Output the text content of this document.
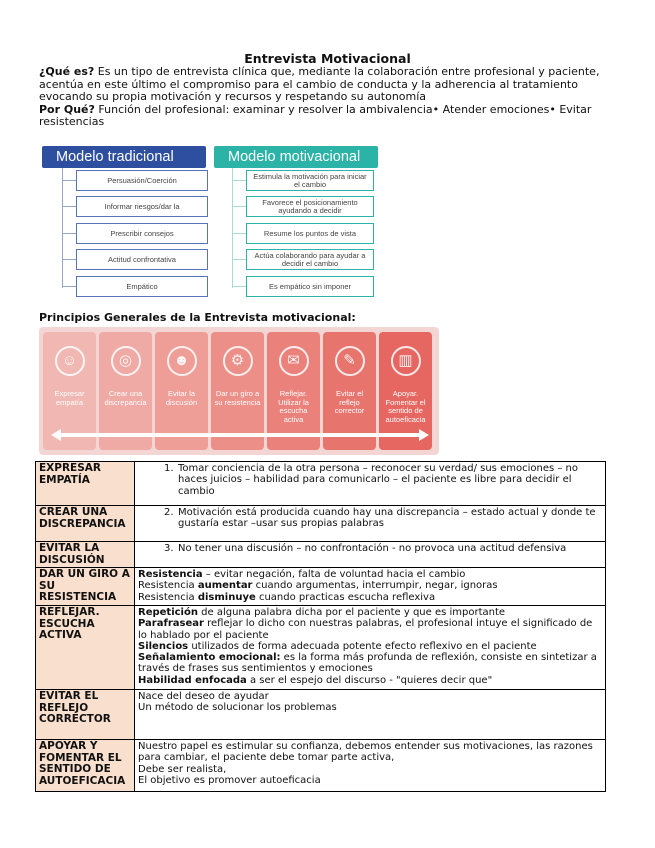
Entrevista Motivacional
¿Qué es? Es un tipo de entrevista clínica que, mediante la colaboración entre profesional y paciente, acentúa en este último el compromiso para el cambio de conducta y la adherencia al tratamiento evocando su propia motivación y recursos y respetando su autonomía
Por Qué? Función del profesional: examinar y resolver la ambivalencia• Atender emociones• Evitar resistencias
Modelo tradicional	Modelo motivacional
Persuasión/Coerción
Informar riesgos/dar la
Prescribir consejos
Actitud confrontativa
Empático
Estimula la motivación para iniciar el cambio
Favorece el posicionamiento ayudando a decidir
Resume los puntos de vista
Actúa colaborando para ayudar a decidir el cambio
Es empático sin imponer
Principios Generales de la Entrevista motivacional:
☺
Expresar empatía
◎
Crear una discrepancia
☻
Evitar la discusión
⚙
Dar un giro a su resistencia
✉
Reflejar. Utilizar la escucha activa
✎
Evitar el reflejo corrector
▥
Apoyar. Fomentar el sentido de autoeficacia
EXPRESAR EMPATÍA	1. Tomar conciencia de la otra persona – reconocer su verdad/ sus emociones – no haces juicios – habilidad para comunicarlo – el paciente es libre para decidir el cambio

CREAR UNA DISCREPANCIA	2. Motivación está producida cuando hay una discrepancia – estado actual y donde te gustaría estar –usar sus propias palabras

EVITAR LA DISCUSIÓN	3. No tener una discusión – no confrontación - no provoca una actitud defensiva

DAR UN GIRO A SU RESISTENCIA	Resistencia – evitar negación, falta de voluntad hacia el cambio
Resistencia aumentar cuando argumentas, interrumpir, negar, ignoras
Resistencia disminuye cuando practicas escucha reflexiva

REFLEJAR. ESCUCHA ACTIVA	Repetición de alguna palabra dicha por el paciente y que es importante
Parafrasear reflejar lo dicho con nuestras palabras, el profesional intuye el significado de lo hablado por el paciente
Silencios utilizados de forma adecuada potente efecto reflexivo en el paciente
Señalamiento emocional: es la forma más profunda de reflexión, consiste en sintetizar a través de frases sus sentimientos y emociones
Habilidad enfocada a ser el espejo del discurso - "quieres decir que"

EVITAR EL REFLEJO CORRECTOR	Nace del deseo de ayudar
Un método de solucionar los problemas

APOYAR Y FOMENTAR EL SENTIDO DE AUTOEFICACIA	Nuestro papel es estimular su confianza, debemos entender sus motivaciones, las razones para cambiar, el paciente debe tomar parte activa,
Debe ser realista,
El objetivo es promover autoeficacia
